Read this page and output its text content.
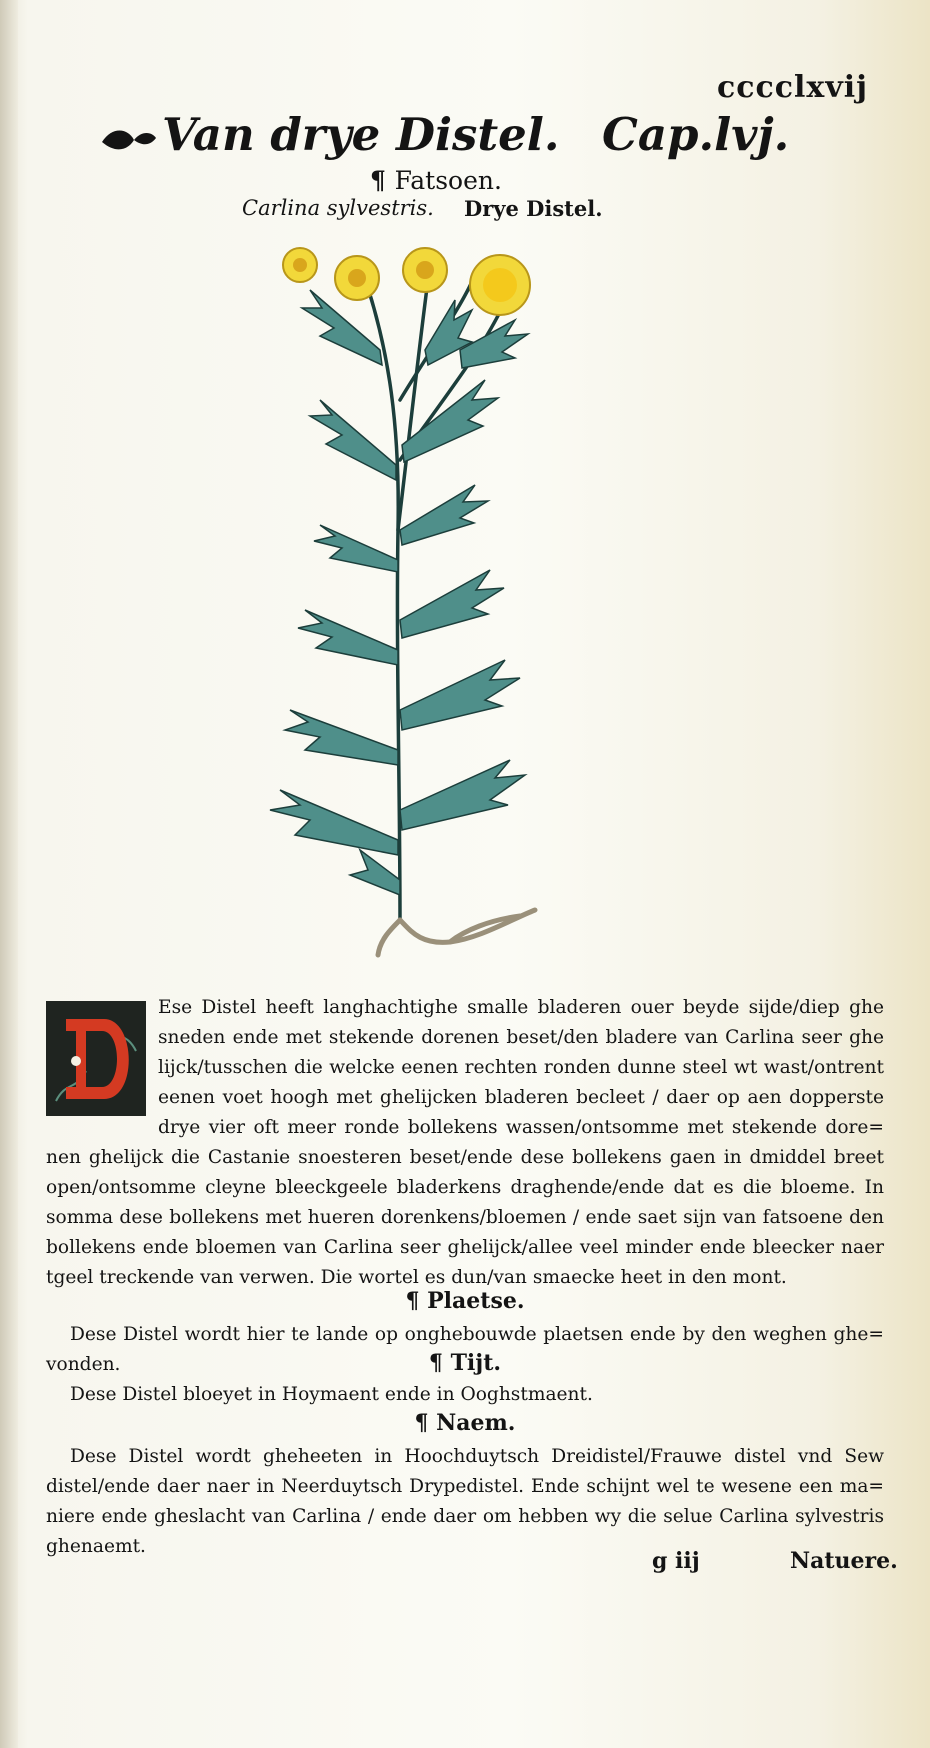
cccclxvij
Van drye Distel. Cap.lvj.
¶ Fatsoen.
Carlina sylvestris. Drye Distel.

Ese Distel heeft langhachtighe smalle bladeren ouer beyde sijde/diep ghe

sneden ende met stekende dorenen beset/den bladere van Carlina seer ghe

lijck/tusschen die welcke eenen rechten ronden dunne steel wt wast/ontrent

eenen voet hoogh met ghelijcken bladeren becleet / daer op aen dopperste

drye vier oft meer ronde bollekens wassen/ontsomme met stekende dore=

nen ghelijck die Castanie snoesteren beset/ende dese bollekens gaen in dmiddel breet

open/ontsomme cleyne bleeckgeele bladerkens draghende/ende dat es die bloeme. In

somma dese bollekens met hueren dorenkens/bloemen / ende saet sijn van fatsoene den

bollekens ende bloemen van Carlina seer ghelijck/allee veel minder ende bleecker naer

tgeel treckende van verwen. Die wortel es dun/van smaecke heet in den mont.

¶ Plaetse.

Dese Distel wordt hier te lande op onghebouwde plaetsen ende by den weghen ghe=

vonden.	¶ Tijt.

Dese Distel bloeyet in Hoymaent ende in Ooghstmaent.

¶ Naem.

Dese Distel wordt gheheeten in Hoochduytsch Dreidistel/Frauwe distel vnd Sew

distel/ende daer naer in Neerduytsch Drypedistel. Ende schijnt wel te wesene een ma=

niere ende gheslacht van Carlina / ende daer om hebben wy die selue Carlina sylvestris

ghenaemt.

g iij	Natuere.
